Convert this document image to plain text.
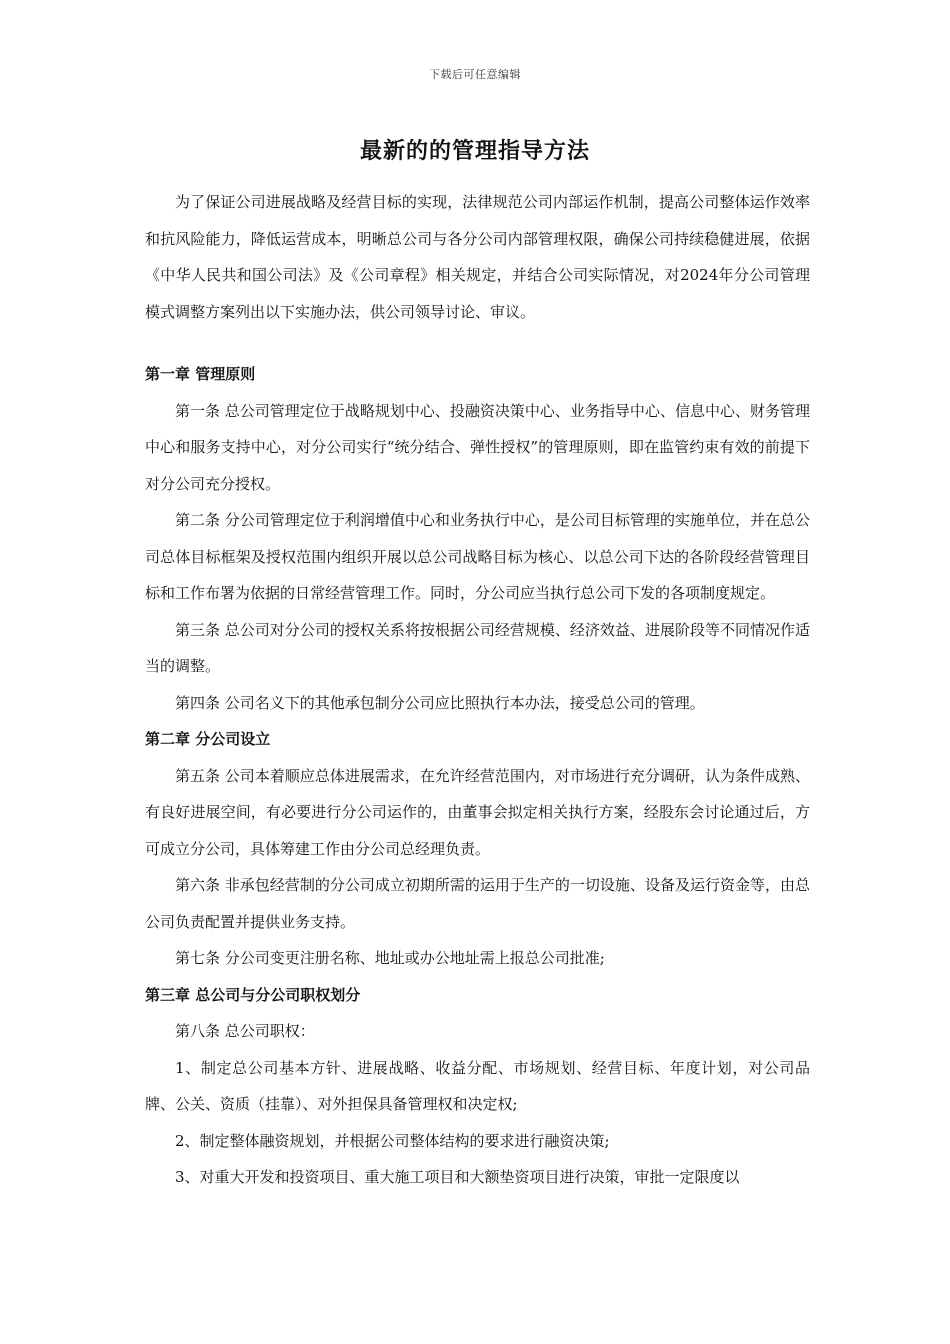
下载后可任意编辑
最新的的管理指导方法

为了保证公司进展战略及经营目标的实现，法律规范公司内部运作机制，提高公司整体运作效率和抗风险能力，降低运营成本，明晰总公司与各分公司内部管理权限，确保公司持续稳健进展，依据《中华人民共和国公司法》及《公司章程》相关规定，并结合公司实际情况，对2024年分公司管理模式调整方案列出以下实施办法，供公司领导讨论、审议。

第一章 管理原则

第一条 总公司管理定位于战略规划中心、投融资决策中心、业务指导中心、信息中心、财务管理中心和服务支持中心，对分公司实行“统分结合、弹性授权”的管理原则，即在监管约束有效的前提下对分公司充分授权。

第二条 分公司管理定位于利润增值中心和业务执行中心，是公司目标管理的实施单位，并在总公司总体目标框架及授权范围内组织开展以总公司战略目标为核心、以总公司下达的各阶段经营管理目标和工作布署为依据的日常经营管理工作。同时，分公司应当执行总公司下发的各项制度规定。

第三条 总公司对分公司的授权关系将按根据公司经营规模、经济效益、进展阶段等不同情况作适当的调整。

第四条 公司名义下的其他承包制分公司应比照执行本办法，接受总公司的管理。

第二章 分公司设立

第五条 公司本着顺应总体进展需求，在允许经营范围内，对市场进行充分调研，认为条件成熟、有良好进展空间，有必要进行分公司运作的，由董事会拟定相关执行方案，经股东会讨论通过后，方可成立分公司，具体筹建工作由分公司总经理负责。

第六条 非承包经营制的分公司成立初期所需的运用于生产的一切设施、设备及运行资金等，由总公司负责配置并提供业务支持。

第七条 分公司变更注册名称、地址或办公地址需上报总公司批准;

第三章 总公司与分公司职权划分

第八条 总公司职权：

1、制定总公司基本方针、进展战略、收益分配、市场规划、经营目标、年度计划，对公司品牌、公关、资质（挂靠）、对外担保具备管理权和决定权;

2、制定整体融资规划，并根据公司整体结构的要求进行融资决策;

3、对重大开发和投资项目、重大施工项目和大额垫资项目进行决策，审批一定限度以
